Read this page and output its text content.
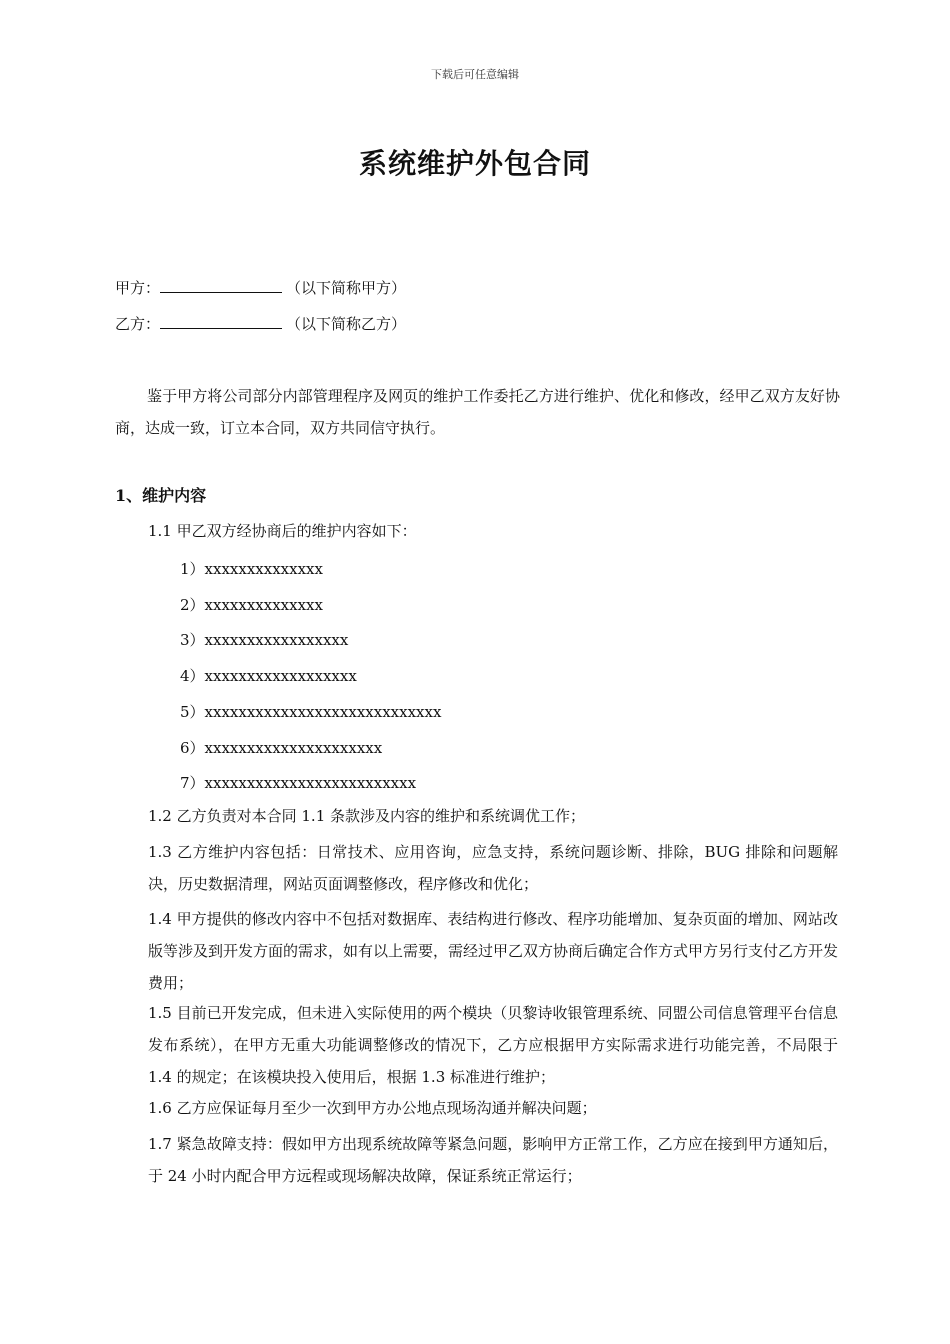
下载后可任意编辑
系统维护外包合同
甲方：	（以下简称甲方）
乙方：	（以下简称乙方）
鉴于甲方将公司部分内部管理程序及网页的维护工作委托乙方进行维护、优化和修改，经甲乙双方友好协商，达成一致，订立本合同，双方共同信守执行。
1、维护内容
1.1 甲乙双方经协商后的维护内容如下：
1）xxxxxxxxxxxxxx
2）xxxxxxxxxxxxxx
3）xxxxxxxxxxxxxxxxx
4）xxxxxxxxxxxxxxxxxx
5）xxxxxxxxxxxxxxxxxxxxxxxxxxxx
6）xxxxxxxxxxxxxxxxxxxxx
7）xxxxxxxxxxxxxxxxxxxxxxxxx
1.2 乙方负责对本合同 1.1 条款涉及内容的维护和系统调优工作；
1.3 乙方维护内容包括：日常技术、应用咨询，应急支持，系统问题诊断、排除，BUG 排除和问题解决，历史数据清理，网站页面调整修改，程序修改和优化；
1.4 甲方提供的修改内容中不包括对数据库、表结构进行修改、程序功能增加、复杂页面的增加、网站改版等涉及到开发方面的需求，如有以上需要，需经过甲乙双方协商后确定合作方式甲方另行支付乙方开发费用；
1.5 目前已开发完成，但未进入实际使用的两个模块（贝黎诗收银管理系统、同盟公司信息管理平台信息发布系统），在甲方无重大功能调整修改的情况下，乙方应根据甲方实际需求进行功能完善，不局限于 1.4 的规定；在该模块投入使用后，根据 1.3 标准进行维护；
1.6 乙方应保证每月至少一次到甲方办公地点现场沟通并解决问题；
1.7 紧急故障支持：假如甲方出现系统故障等紧急问题，影响甲方正常工作，乙方应在接到甲方通知后，于 24 小时内配合甲方远程或现场解决故障，保证系统正常运行；
